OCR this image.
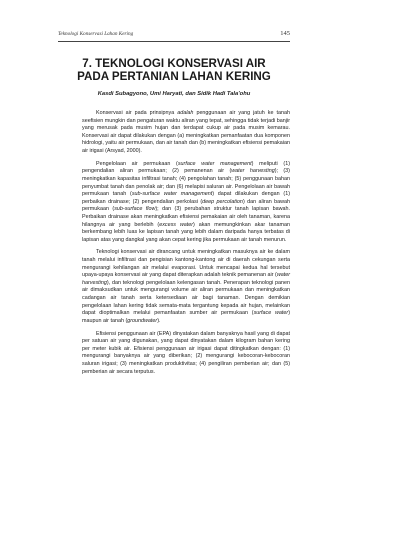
Teknologi Konservasi Lahan Kering	145
7. TEKNOLOGI KONSERVASI AIR
PADA PERTANIAN LAHAN KERING
Kasdi Subagyono, Umi Haryati, dan Sidik Hadi Tala'ohu

Konservasi air pada prinsipnya adalah penggunaan air yang jatuh ke tanah seefisien mungkin dan pengaturan waktu aliran yang tepat, sehingga tidak terjadi banjir yang merusak pada musim hujan dan terdapat cukup air pada musim kemarau. Konservasi air dapat dilakukan dengan (a) meningkatkan pemanfaatan dua komponen hidrologi, yaitu air permukaan, dan air tanah dan (b) meningkatkan efisiensi pemakaian air irigasi (Arsyad, 2000).

Pengelolaan air permukaan (surface water management) meliputi (1) pengendalian aliran permukaan; (2) pemanenan air (water harvesting); (3) meningkatkan kapasitas infiltrasi tanah; (4) pengolahan tanah; (5) penggunaan bahan penyumbat tanah dan penolak air; dan (6) melapisi saluran air. Pengelolaan air bawah permukaan tanah (sub-surface water management) dapat dilakukan dengan (1) perbaikan drainase; (2) pengendalian perkolasi (deep percolation) dan aliran bawah permukaan (sub-surface flow); dan (3) perubahan struktur tanah lapisan bawah. Perbaikan drainase akan meningkatkan efisiensi pemakaian air oleh tanaman, karena hilangnya air yang berlebih (excess water) akan memungkinkan akar tanaman berkembang lebih luas ke lapisan tanah yang lebih dalam daripada hanya terbatas di lapisan atas yang dangkal yang akan cepat kering jika permukaan air tanah menurun.

Teknologi konservasi air dirancang untuk meningkatkan masuknya air ke dalam tanah melalui infiltrasi dan pengisian kantong-kantong air di daerah cekungan serta mengurangi kehilangan air melalui evaporasi. Untuk mencapai kedua hal tersebut upaya-upaya konservasi air yang dapat diterapkan adalah teknik pemanenan air (water harvesting), dan teknologi pengelolaan kelengasan tanah. Penerapan teknologi panen air dimaksudkan untuk mengurangi volume air aliran permukaan dan meningkatkan cadangan air tanah serta ketersediaan air bagi tanaman. Dengan demikian pengelolaan lahan kering tidak semata-mata tergantung kepada air hujan, melainkan dapat dioptimalkan melalui pemanfaatan sumber air permukaan (surface water) maupun air tanah (groundwater).

Efisiensi penggunaan air (EPA) dinyatakan dalam banyaknya hasil yang di dapat per satuan air yang digunakan, yang dapat dinyatakan dalam kilogram bahan kering per meter kubik air. Efisiensi penggunaan air irigasi dapat ditingkatkan dengan: (1) mengurangi banyaknya air yang diberikan; (2) mengurangi kebocoran-kebocoran saluran irigasi; (3) meningkatkan produktivitas; (4) pengiliran pemberian air; dan (5) pemberian air secara terputus.
